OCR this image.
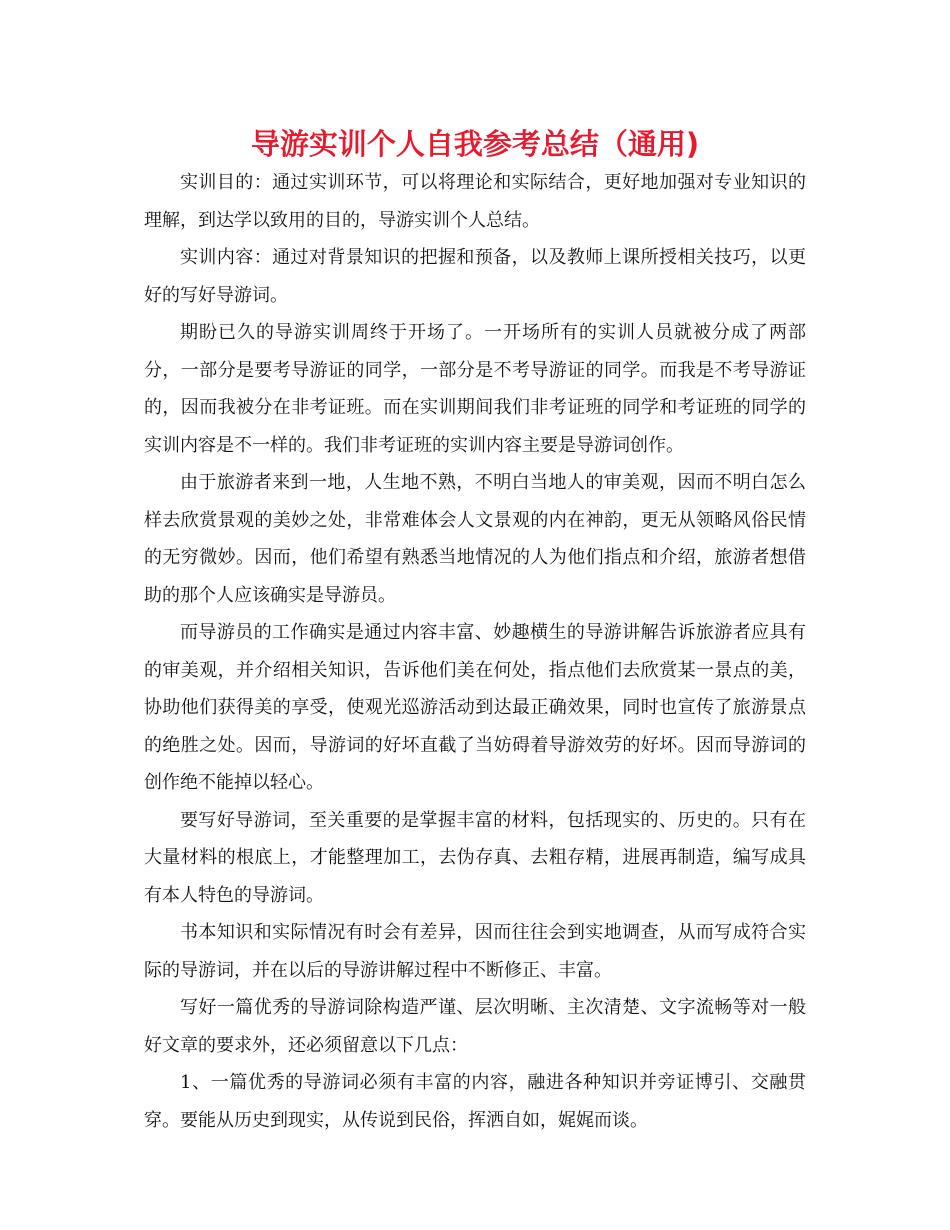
导游实训个人自我参考总结（通用)

实训目的：通过实训环节，可以将理论和实际结合，更好地加强对专业知识的理解，到达学以致用的目的，导游实训个人总结。

实训内容：通过对背景知识的把握和预备，以及教师上课所授相关技巧，以更好的写好导游词。

期盼已久的导游实训周终于开场了。一开场所有的实训人员就被分成了两部分，一部分是要考导游证的同学，一部分是不考导游证的同学。而我是不考导游证的，因而我被分在非考证班。而在实训期间我们非考证班的同学和考证班的同学的实训内容是不一样的。我们非考证班的实训内容主要是导游词创作。

由于旅游者来到一地，人生地不熟，不明白当地人的审美观，因而不明白怎么样去欣赏景观的美妙之处，非常难体会人文景观的内在神韵，更无从领略风俗民情的无穷微妙。因而，他们希望有熟悉当地情况的人为他们指点和介绍，旅游者想借助的那个人应该确实是导游员。

而导游员的工作确实是通过内容丰富、妙趣横生的导游讲解告诉旅游者应具有的审美观，并介绍相关知识，告诉他们美在何处，指点他们去欣赏某一景点的美，协助他们获得美的享受，使观光巡游活动到达最正确效果，同时也宣传了旅游景点的绝胜之处。因而，导游词的好坏直截了当妨碍着导游效劳的好坏。因而导游词的创作绝不能掉以轻心。

要写好导游词，至关重要的是掌握丰富的材料，包括现实的、历史的。只有在大量材料的根底上，才能整理加工，去伪存真、去粗存精，进展再制造，编写成具有本人特色的导游词。

书本知识和实际情况有时会有差异，因而往往会到实地调查，从而写成符合实际的导游词，并在以后的导游讲解过程中不断修正、丰富。

写好一篇优秀的导游词除构造严谨、层次明晰、主次清楚、文字流畅等对一般好文章的要求外，还必须留意以下几点：

1、一篇优秀的导游词必须有丰富的内容，融进各种知识并旁证博引、交融贯穿。要能从历史到现实，从传说到民俗，挥洒自如，娓娓而谈。
